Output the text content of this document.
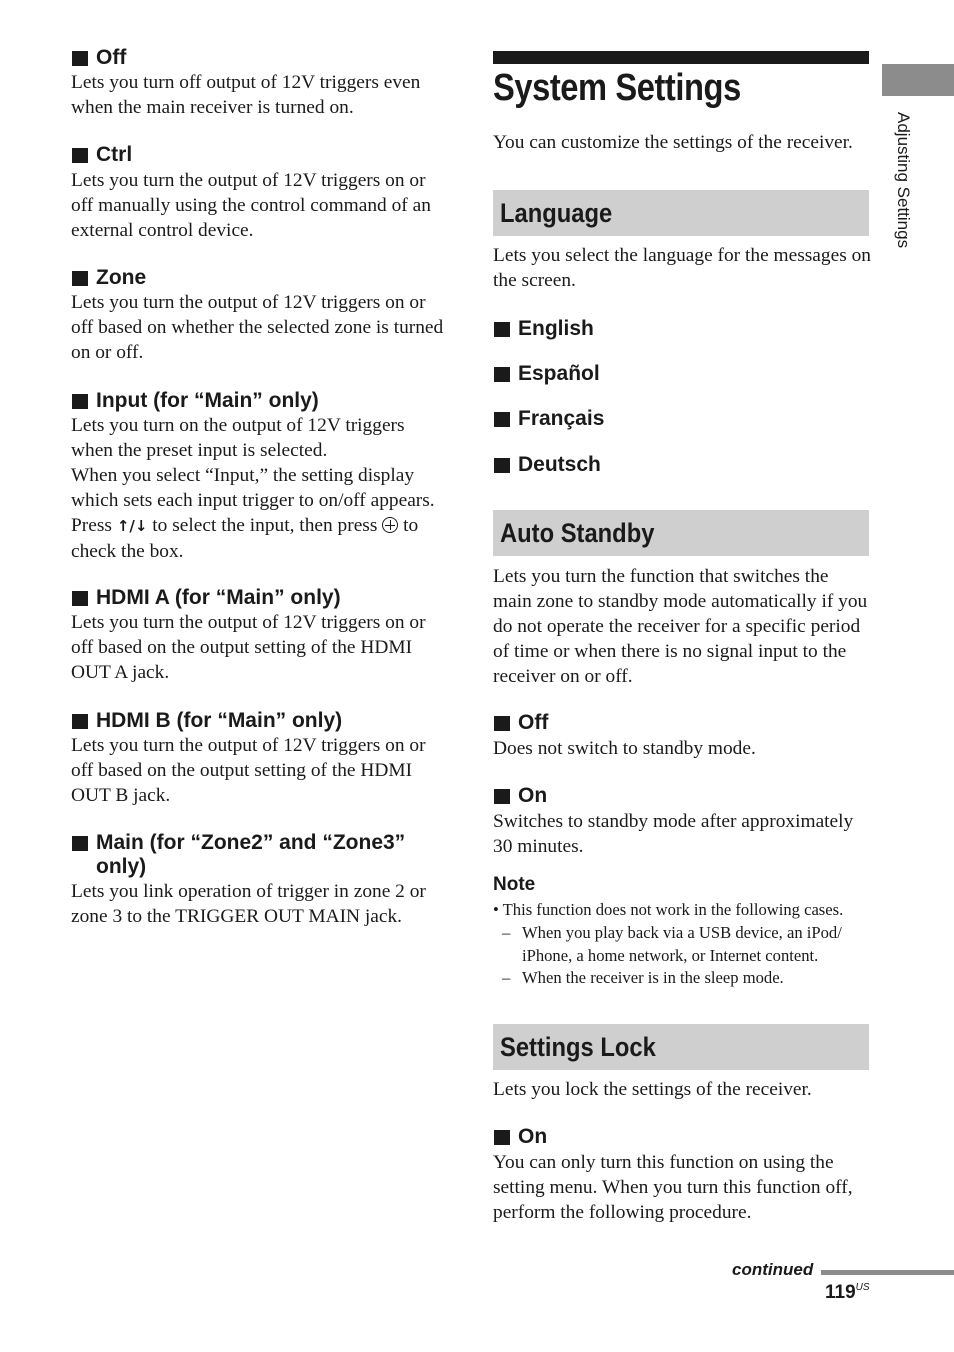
Off
Lets you turn off output of 12V triggers even when the main receiver is turned on.
Ctrl
Lets you turn the output of 12V triggers on or off manually using the control command of an external control device.
Zone
Lets you turn the output of 12V triggers on or off based on whether the selected zone is turned on or off.
Input (for “Main” only)
Lets you turn on the output of 12V triggers when the preset input is selected.
When you select “Input,” the setting display which sets each input trigger to on/off appears.
Press ↑/↓ to select the input, then press to check the box.
HDMI A (for “Main” only)
Lets you turn the output of 12V triggers on or off based on the output setting of the HDMI OUT A jack.
HDMI B (for “Main” only)
Lets you turn the output of 12V triggers on or off based on the output setting of the HDMI OUT B jack.
Main (for “Zone2” and “Zone3” only)
Lets you link operation of trigger in zone 2 or zone 3 to the TRIGGER OUT MAIN jack.
System Settings
You can customize the settings of the receiver.
Language
Lets you select the language for the messages on the screen.
English
Español
Français
Deutsch
Auto Standby
Lets you turn the function that switches the main zone to standby mode automatically if you do not operate the receiver for a specific period of time or when there is no signal input to the receiver on or off.
Off
Does not switch to standby mode.
On
Switches to standby mode after approximately 30 minutes.
Note
• This function does not work in the following cases.
– When you play back via a USB device, an iPod/ iPhone, a home network, or Internet content.
– When the receiver is in the sleep mode.
Settings Lock
Lets you lock the settings of the receiver.
On
You can only turn this function on using the setting menu. When you turn this function off, perform the following procedure.
Adjusting Settings
continued
$119^{US}$
